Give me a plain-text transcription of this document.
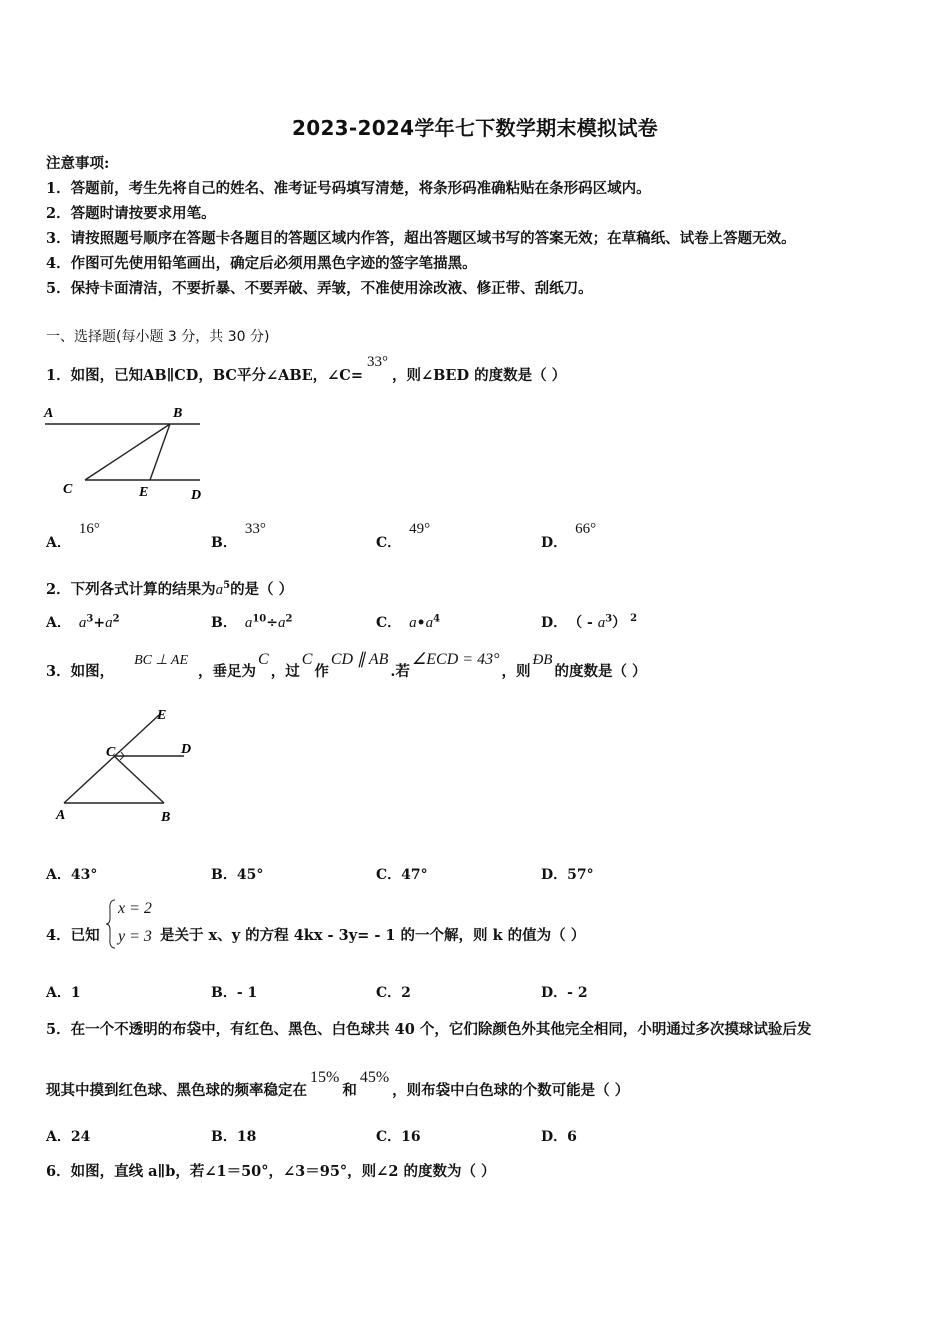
2023-2024学年七下数学期末模拟试卷
注意事项:
1．答题前，考生先将自己的姓名、准考证号码填写清楚，将条形码准确粘贴在条形码区域内。
2．答题时请按要求用笔。
3．请按照题号顺序在答题卡各题目的答题区域内作答，超出答题区域书写的答案无效；在草稿纸、试卷上答题无效。
4．作图可先使用铅笔画出，确定后必须用黑色字迹的签字笔描黑。
5．保持卡面清洁，不要折暴、不要弄破、弄皱，不准使用涂改液、修正带、刮纸刀。
一、选择题(每小题 3 分，共 30 分)
1．如图，已知AB∥CD，BC平分∠ABE，∠C=33°，则∠BED 的度数是（ ）
A	B
C	E	D
A．16°
B．33°
C．49°
D．66°
2．下列各式计算的结果为$a^5$的是（ ）
A． $a^3+a^2$	B． $a^{10}\div a^2$	C． $a•a^4$	D． （ - $a^3$） $^2$
3．如图，BC ⊥ AE，垂足为C，过C作CD ∥ AB.若∠ECD = 43°，则ÐB的度数是（ ）
E
C	D
A	B
A．43°	B．45°	C．47°	D．57°
4．已知
x = 2
y = 3 是关于 x、y 的方程 4kx - 3y= - 1 的一个解，则 k 的值为（ ）
A．1	B．- 1	C．2	D．- 2
5．在一个不透明的布袋中，有红色、黑色、白色球共 40 个，它们除颜色外其他完全相同，小明通过多次摸球试验后发
现其中摸到红色球、黑色球的频率稳定在15%和45%，则布袋中白色球的个数可能是（ ）
A．24	B．18	C．16	D．6
6．如图，直线 a∥b，若∠1＝50°，∠3＝95°，则∠2 的度数为（ ）
